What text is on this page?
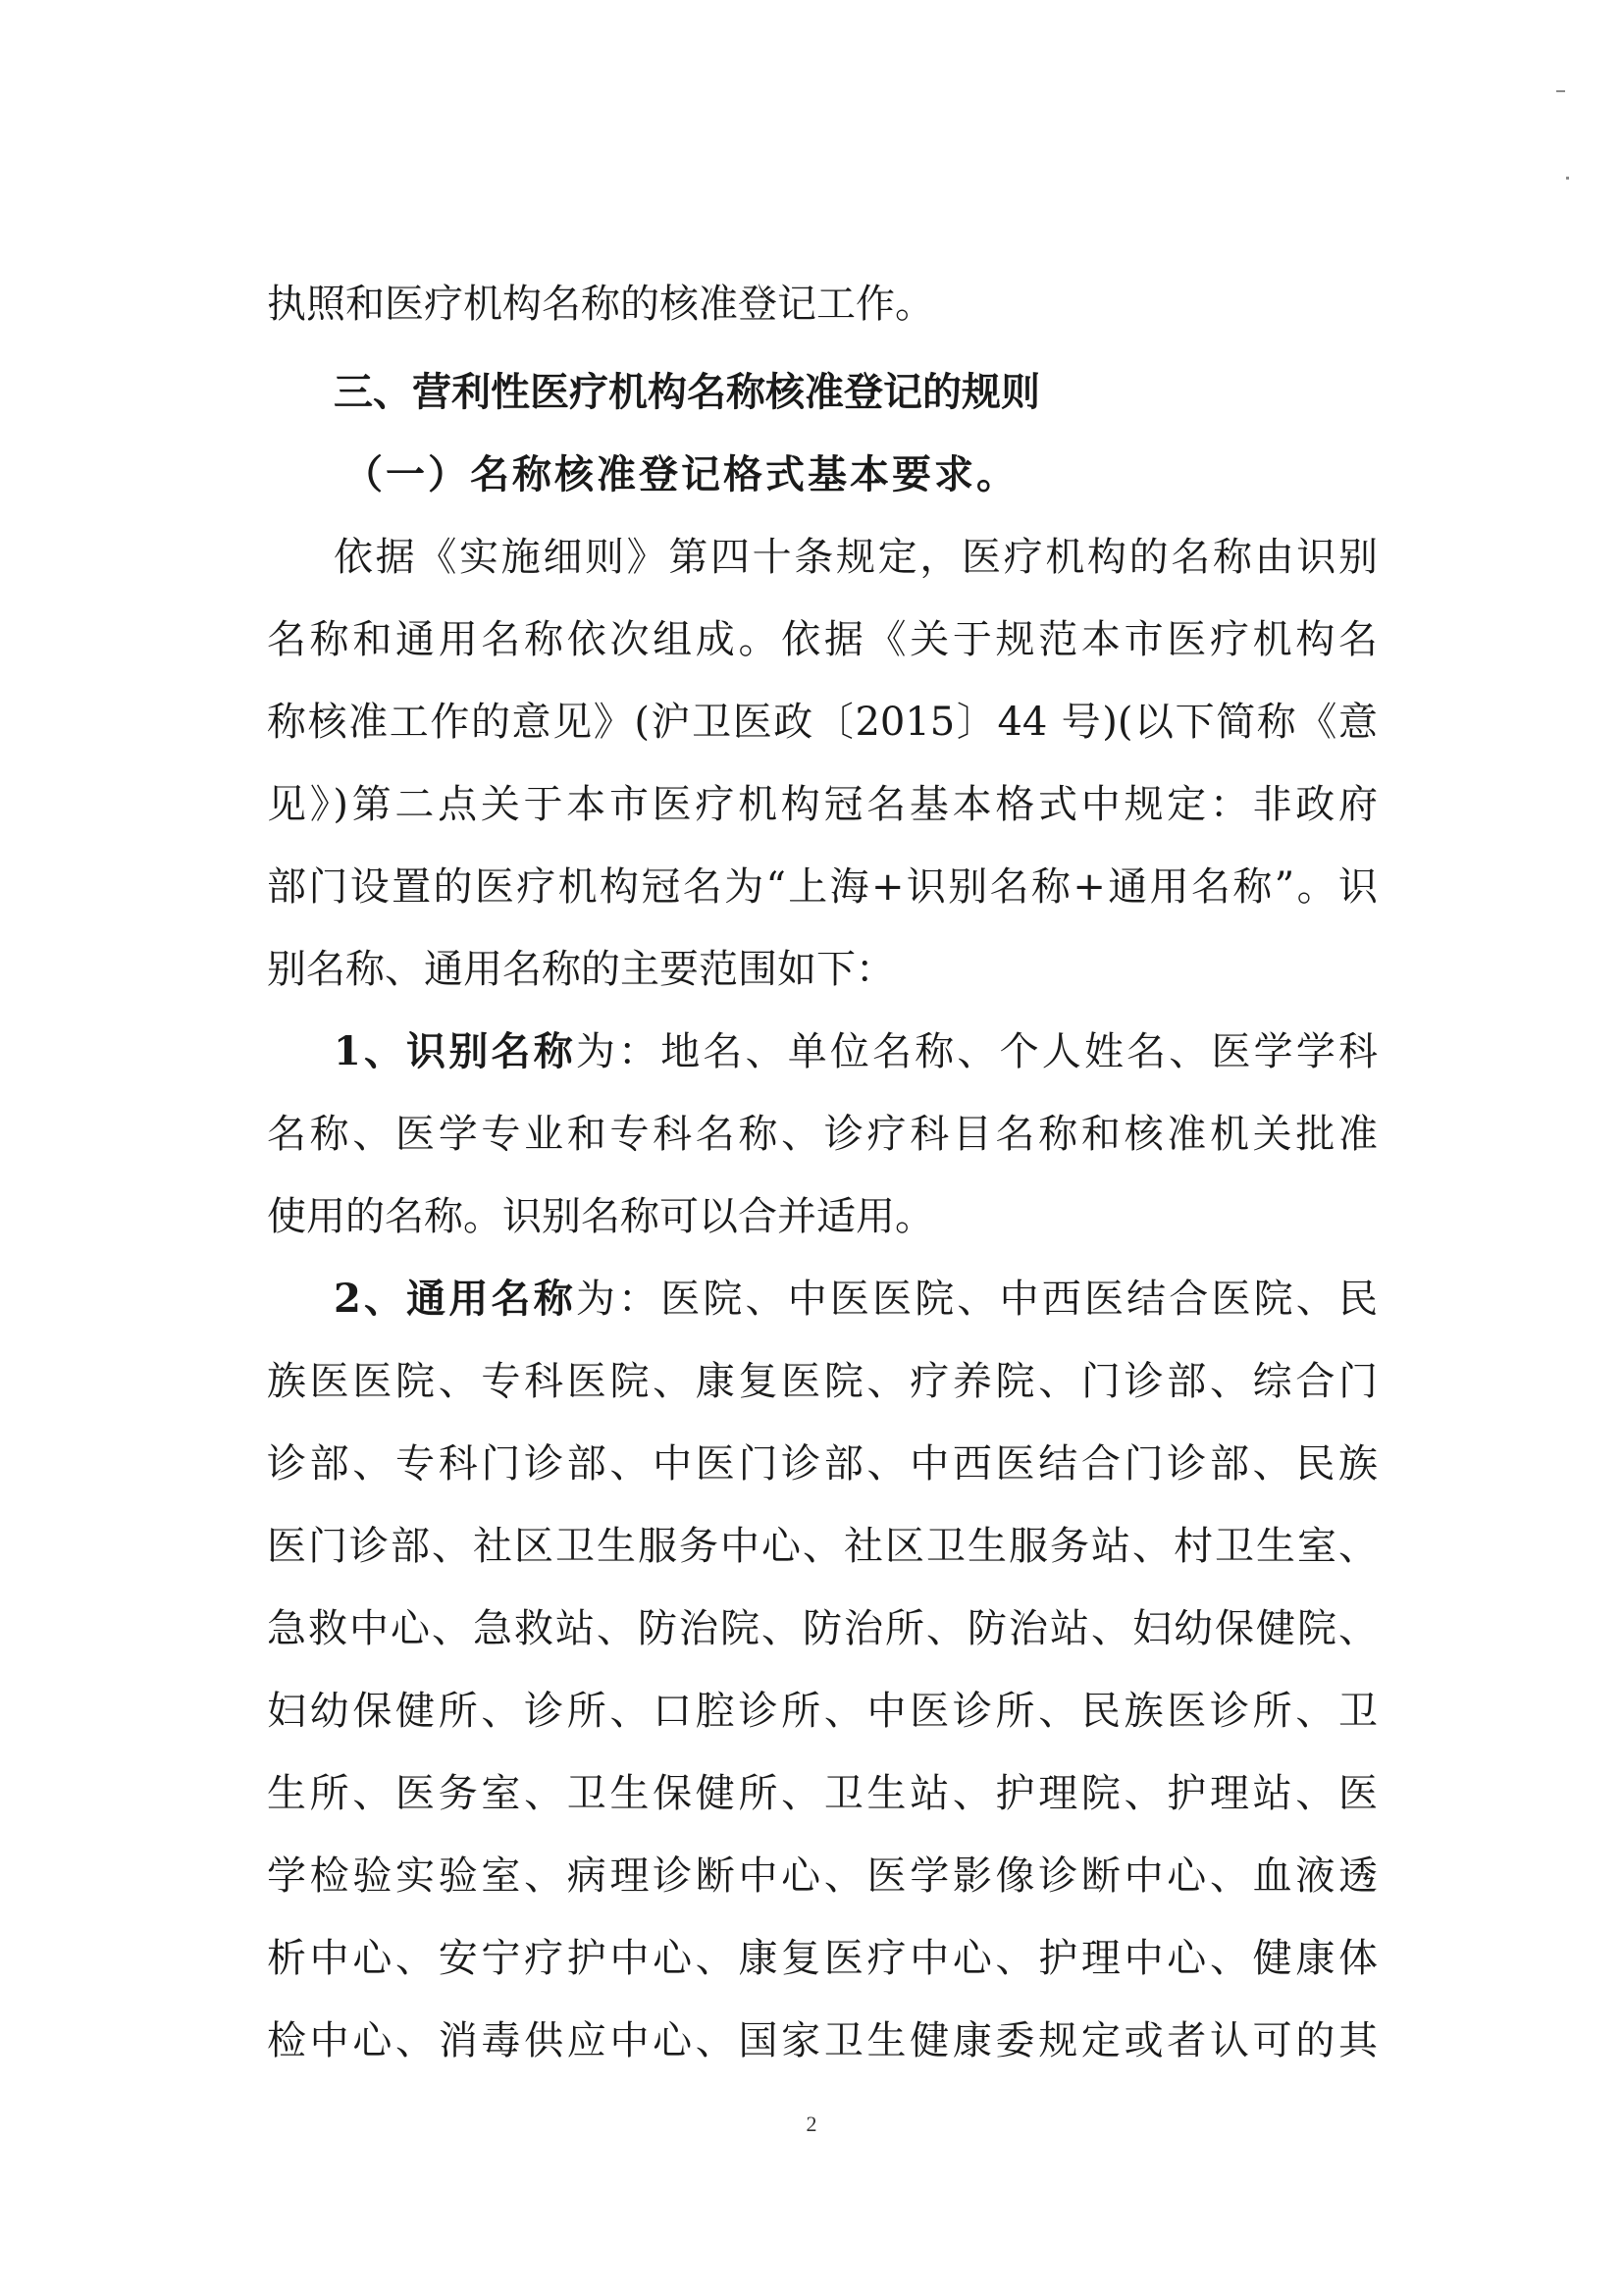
执照和医疗机构名称的核准登记工作。
三、营利性医疗机构名称核准登记的规则
（一）名称核准登记格式基本要求。
依据《实施细则》第四十条规定，医疗机构的名称由识别
名称和通用名称依次组成。依据《关于规范本市医疗机构名
称核准工作的意见》(沪卫医政〔2015〕44 号)(以下简称《意
见》)第二点关于本市医疗机构冠名基本格式中规定：非政府
部门设置的医疗机构冠名为“上海+识别名称+通用名称”。识
别名称、通用名称的主要范围如下：
1、识别名称为：地名、单位名称、个人姓名、医学学科
名称、医学专业和专科名称、诊疗科目名称和核准机关批准
使用的名称。识别名称可以合并适用。
2、通用名称为：医院、中医医院、中西医结合医院、民
族医医院、专科医院、康复医院、疗养院、门诊部、综合门
诊部、专科门诊部、中医门诊部、中西医结合门诊部、民族
医门诊部、社区卫生服务中心、社区卫生服务站、村卫生室、
急救中心、急救站、防治院、防治所、防治站、妇幼保健院、
妇幼保健所、诊所、口腔诊所、中医诊所、民族医诊所、卫
生所、医务室、卫生保健所、卫生站、护理院、护理站、医
学检验实验室、病理诊断中心、医学影像诊断中心、血液透
析中心、安宁疗护中心、康复医疗中心、护理中心、健康体
检中心、消毒供应中心、国家卫生健康委规定或者认可的其
2
